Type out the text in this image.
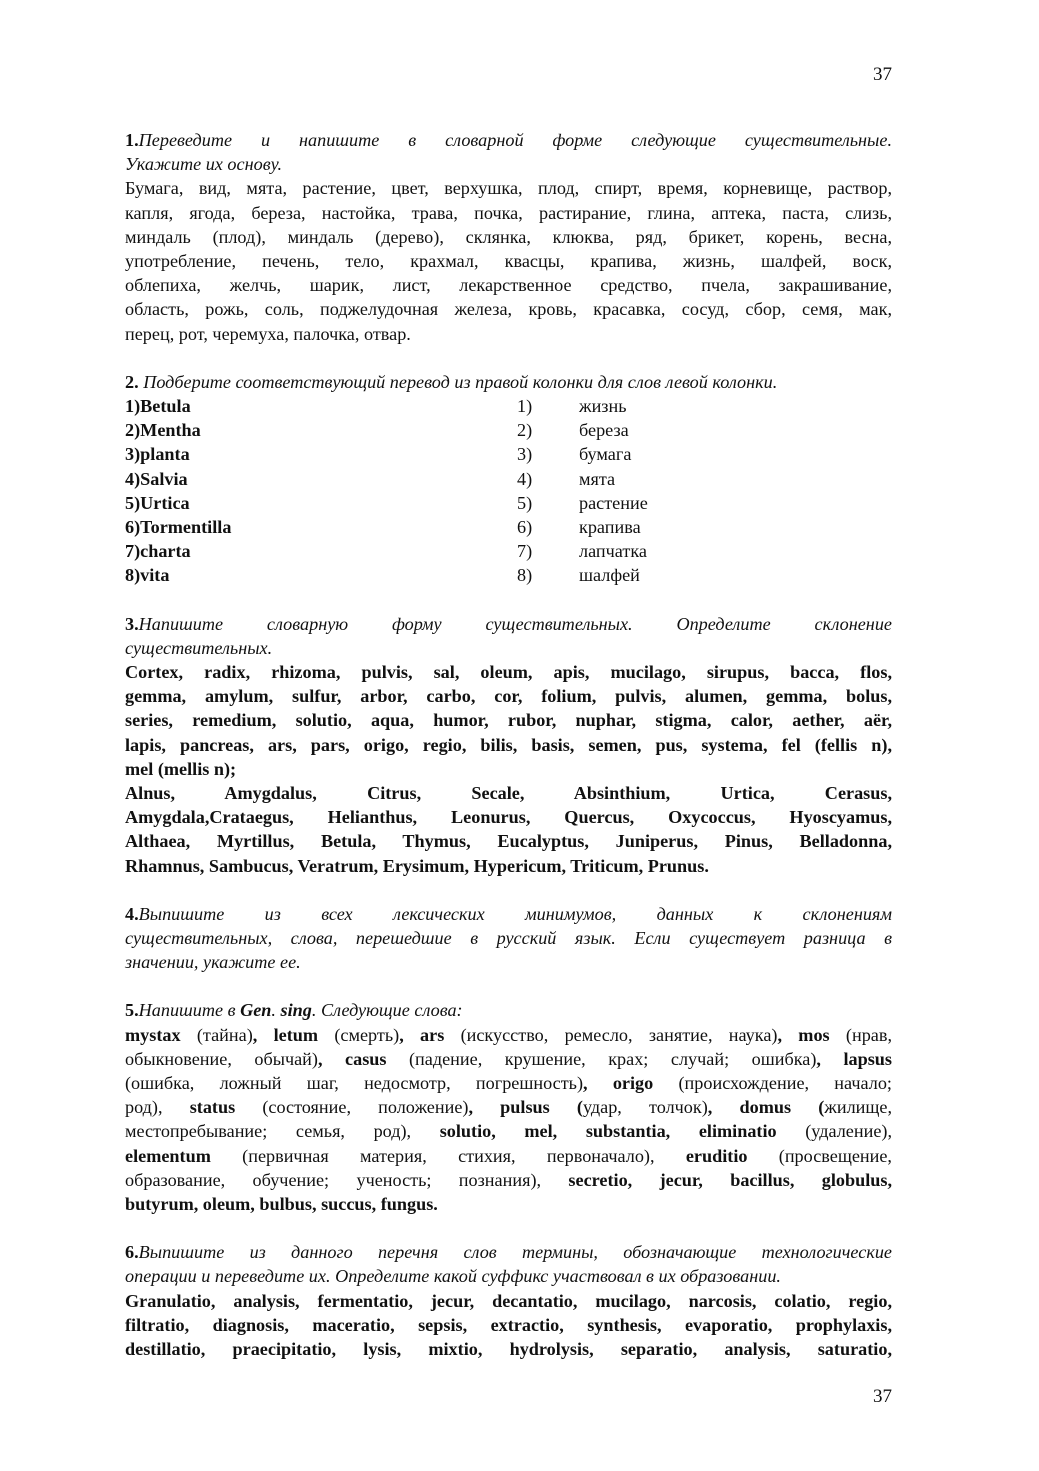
37

1.Переведите и напишите в словарной форме следующие существительные.

Укажите их основу.

Бумага, вид, мята, растение, цвет, верхушка, плод, спирт, время, корневище, раствор,

капля, ягода, береза, настойка, трава, почка, растирание, глина, аптека, паста, слизь,

миндаль (плод), миндаль (дерево), склянка, клюква, ряд, брикет, корень, весна,

употребление, печень, тело, крахмал, квасцы, крапива, жизнь, шалфей, воск,

облепиха, желчь, шарик, лист, лекарственное средство, пчела, закрашивание,

область, рожь, соль, поджелудочная железа, кровь, красавка, сосуд, сбор, семя, мак,

перец, рот, черемуха, палочка, отвар.

2. Подберите соответствующий перевод из правой колонки для слов левой колонки.

1)Betula	1)	жизнь
2)Mentha	2)	береза
3)planta	3)	бумага
4)Salvia	4)	мята
5)Urtica	5)	растение
6)Tormentilla	6)	крапива
7)charta	7)	лапчатка
8)vita	8)	шалфей

3.Напишите словарную форму существительных. Определите склонение

существительных.

Cortex, radix, rhizoma, pulvis, sal, oleum, apis, mucilago, sirupus, bacca, flos,

gemma, amylum, sulfur, arbor, carbo, cor, folium, pulvis, alumen, gemma, bolus,

series, remedium, solutio, aqua, humor, rubor, nuphar, stigma, calor, aether, aёr,

lapis, pancreas, ars, pars, origo, regio, bilis, basis, semen, pus, systema, fel (fellis n),

mel (mellis n);

Alnus, Amygdalus, Citrus, Secale, Absinthium, Urtica, Cerasus,

Amygdala,Crataegus, Helianthus, Leonurus, Quercus, Oxycoccus, Hyoscyamus,

Althaea, Myrtillus, Betula, Thymus, Eucalyptus, Juniperus, Pinus, Belladonna,

Rhamnus, Sambucus, Veratrum, Erysimum, Hypericum, Triticum, Prunus.

4.Выпишите из всех лексических минимумов, данных к склонениям

существительных, слова, перешедшие в русский язык. Если существует разница в

значении, укажите ее.

5.Напишите в Gen. sing. Следующие слова:

mystax (тайна), letum (смерть), ars (искусство, ремесло, занятие, наука), mos (нрав,

обыкновение, обычай), casus (падение, крушение, крах; случай; ошибка), lapsus

(ошибка, ложный шаг, недосмотр, погрешность), origo (происхождение, начало;

род), status (состояние, положение), pulsus (удар, толчок), domus (жилище,

местопребывание; семья, род), solutio, mel, substantia, eliminatio (удаление),

elementum (первичная материя, стихия, первоначало), eruditio (просвещение,

образование, обучение; ученость; познания), secretio, jecur, bacillus, globulus,

butyrum, oleum, bulbus, succus, fungus.

6.Выпишите из данного перечня слов термины, обозначающие технологические

операции и переведите их. Определите какой суффикс участвовал в их образовании.

Granulatio, analysis, fermentatio, jecur, decantatio, mucilago, narcosis, colatio, regio,

filtratio, diagnosis, maceratio, sepsis, extractio, synthesis, evaporatio, prophylaxis,

destillatio, praecipitatio, lysis, mixtio, hydrolysis, separatio, analysis, saturatio,

37
